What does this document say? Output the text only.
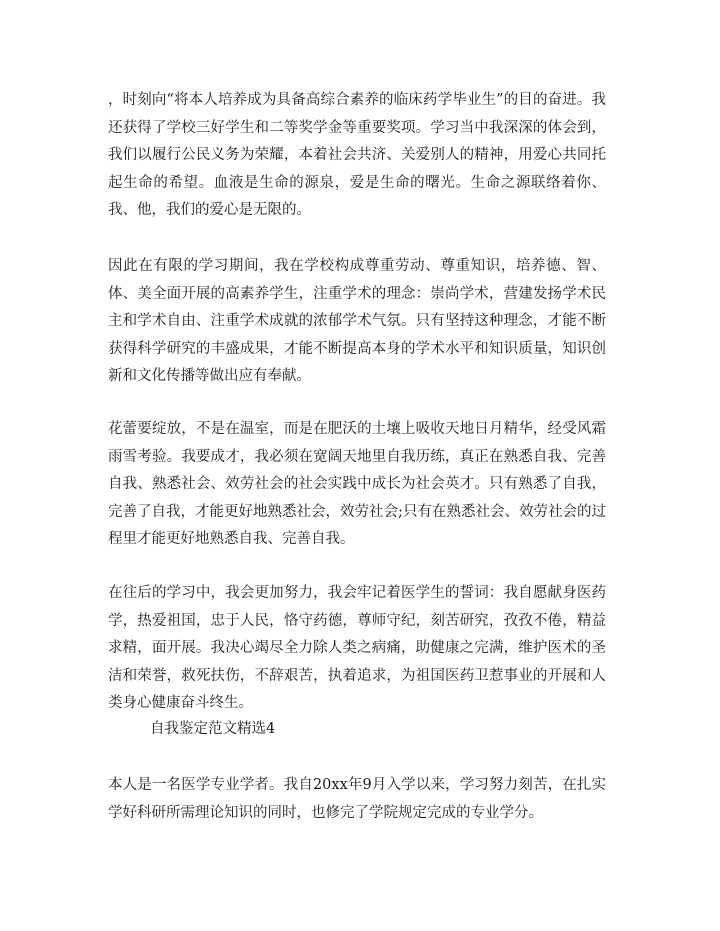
，时刻向“将本人培养成为具备高综合素养的临床药学毕业生”的目的奋进。我还获得了学校三好学生和二等奖学金等重要奖项。学习当中我深深的体会到，我们以履行公民义务为荣耀，本着社会共济、关爱别人的精神，用爱心共同托起生命的希望。血液是生命的源泉，爱是生命的曙光。生命之源联络着你、我、他，我们的爱心是无限的。

因此在有限的学习期间，我在学校构成尊重劳动、尊重知识，培养德、智、体、美全面开展的高素养学生，注重学术的理念：崇尚学术，营建发扬学术民主和学术自由、注重学术成就的浓郁学术气氛。只有坚持这种理念，才能不断获得科学研究的丰盛成果，才能不断提高本身的学术水平和知识质量，知识创新和文化传播等做出应有奉献。

花蕾要绽放，不是在温室，而是在肥沃的土壤上吸收天地日月精华，经受风霜雨雪考验。我要成才，我必须在宽阔天地里自我历练，真正在熟悉自我、完善自我、熟悉社会、效劳社会的社会实践中成长为社会英才。只有熟悉了自我，完善了自我，才能更好地熟悉社会，效劳社会;只有在熟悉社会、效劳社会的过程里才能更好地熟悉自我、完善自我。

在往后的学习中，我会更加努力，我会牢记着医学生的誓词：我自愿献身医药学，热爱祖国，忠于人民，恪守药德，尊师守纪，刻苦研究，孜孜不倦，精益求精，面开展。我决心竭尽全力除人类之病痛，助健康之完满，维护医术的圣洁和荣誉，救死扶伤，不辞艰苦，执着追求，为祖国医药卫惹事业的开展和人类身心健康奋斗终生。

自我鉴定范文精选4

本人是一名医学专业学者。我自20xx年9月入学以来，学习努力刻苦，在扎实学好科研所需理论知识的同时，也修完了学院规定完成的专业学分。
